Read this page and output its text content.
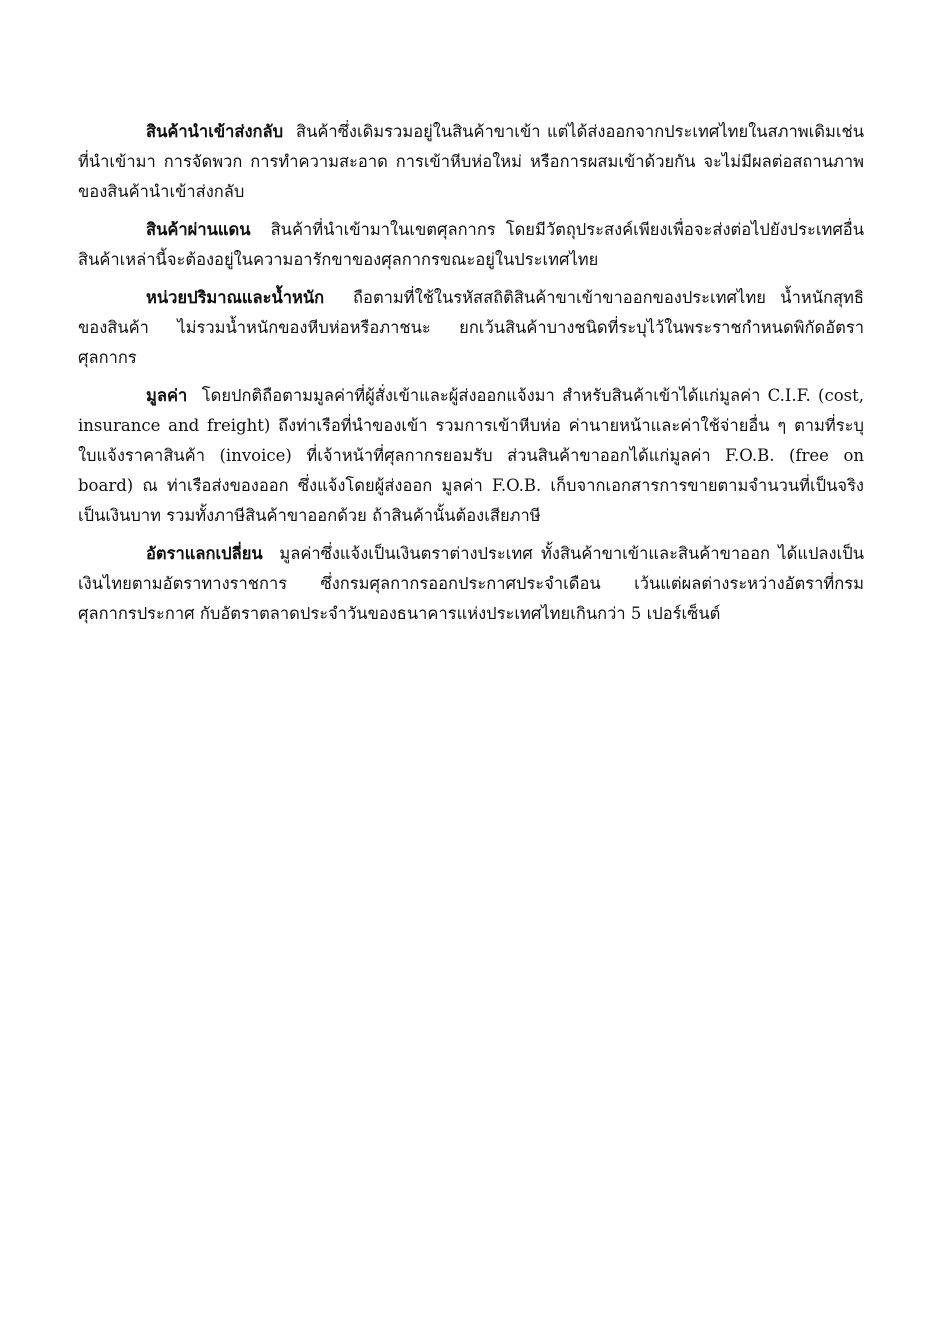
สินค้านำเข้าส่งกลับ สินค้าซึ่งเดิมรวมอยู่ในสินค้าขาเข้า แต่ได้ส่งออกจากประเทศไทยในสภาพเดิมเช่นที่นำเข้ามา การจัดพวก การทำความสะอาด การเข้าหีบห่อใหม่ หรือการผสมเข้าด้วยกัน จะไม่มีผลต่อสถานภาพของสินค้านำเข้าส่งกลับ

สินค้าผ่านแดน สินค้าที่นำเข้ามาในเขตศุลกากร โดยมีวัตถุประสงค์เพียงเพื่อจะส่งต่อไปยังประเทศอื่น สินค้าเหล่านี้จะต้องอยู่ในความอารักขาของศุลกากรขณะอยู่ในประเทศไทย

หน่วยปริมาณและน้ำหนัก ถือตามที่ใช้ในรหัสสถิติสินค้าขาเข้าขาออกของประเทศไทย น้ำหนักสุทธิของสินค้า ไม่รวมน้ำหนักของหีบห่อหรือภาชนะ ยกเว้นสินค้าบางชนิดที่ระบุไว้ในพระราชกำหนดพิกัดอัตราศุลกากร

มูลค่า โดยปกติถือตามมูลค่าที่ผู้สั่งเข้าและผู้ส่งออกแจ้งมา สำหรับสินค้าเข้าได้แก่มูลค่า C.I.F. (cost, insurance and freight) ถึงท่าเรือที่นำของเข้า รวมการเข้าหีบห่อ ค่านายหน้าและค่าใช้จ่ายอื่น ๆ ตามที่ระบุใบแจ้งราคาสินค้า (invoice) ที่เจ้าหน้าที่ศุลกากรยอมรับ ส่วนสินค้าขาออกได้แก่มูลค่า F.O.B. (free on board) ณ ท่าเรือส่งของออก ซึ่งแจ้งโดยผู้ส่งออก มูลค่า F.O.B. เก็บจากเอกสารการขายตามจำนวนที่เป็นจริงเป็นเงินบาท รวมทั้งภาษีสินค้าขาออกด้วย ถ้าสินค้านั้นต้องเสียภาษี

อัตราแลกเปลี่ยน มูลค่าซึ่งแจ้งเป็นเงินตราต่างประเทศ ทั้งสินค้าขาเข้าและสินค้าขาออก ได้แปลงเป็นเงินไทยตามอัตราทางราชการ ซึ่งกรมศุลกากรออกประกาศประจำเดือน เว้นแต่ผลต่างระหว่างอัตราที่กรมศุลกากรประกาศ กับอัตราตลาดประจำวันของธนาคารแห่งประเทศไทยเกินกว่า 5 เปอร์เซ็นต์
